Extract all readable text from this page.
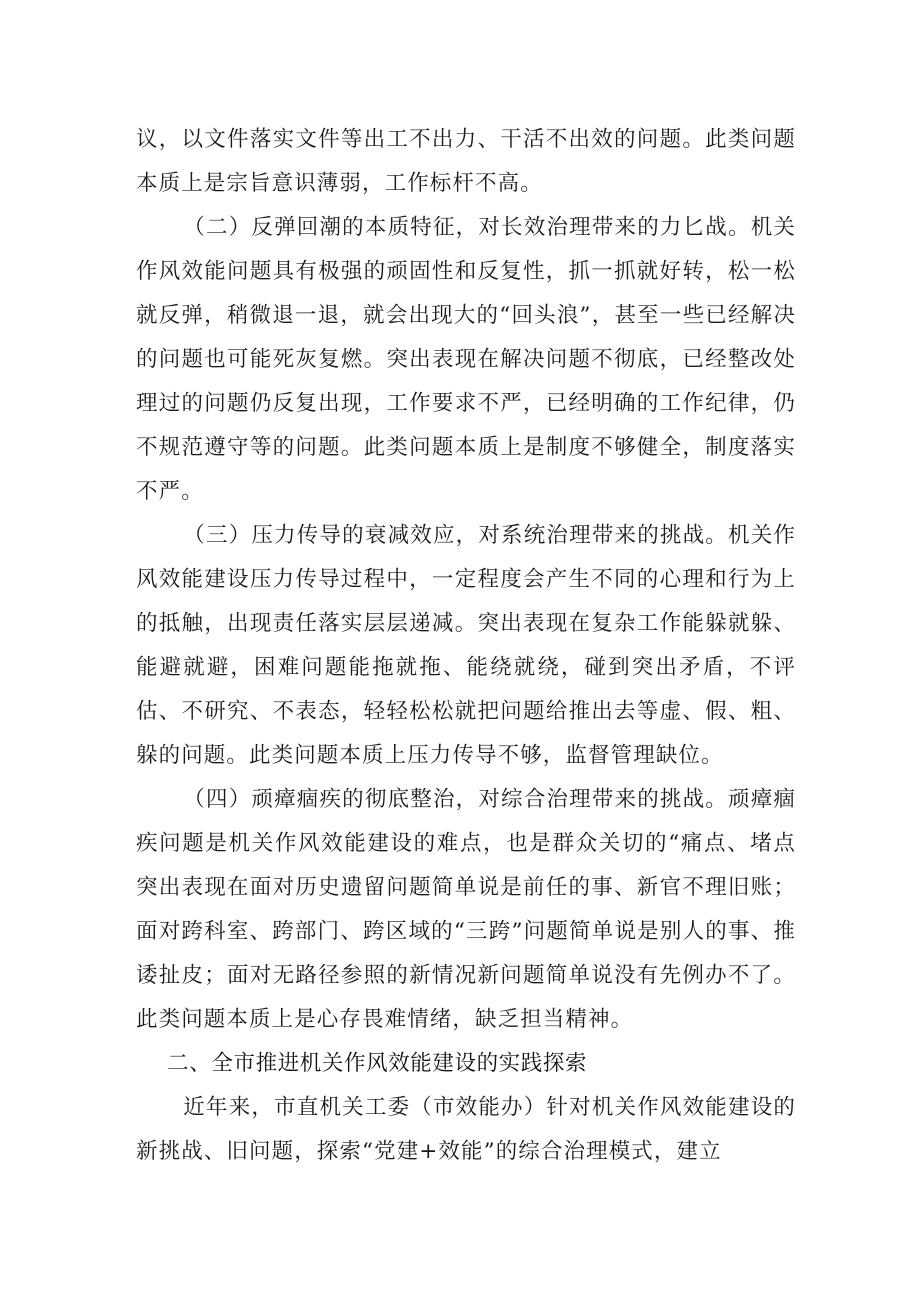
议，以文件落实文件等出工不出力、干活不出效的问题。此类问题本质上是宗旨意识薄弱，工作标杆不高。

（二）反弹回潮的本质特征，对长效治理带来的力匕战。机关作风效能问题具有极强的顽固性和反复性，抓一抓就好转，松一松就反弹，稍微退一退，就会出现大的“回头浪”，甚至一些已经解决的问题也可能死灰复燃。突出表现在解决问题不彻底，已经整改处理过的问题仍反复出现，工作要求不严，已经明确的工作纪律，仍不规范遵守等的问题。此类问题本质上是制度不够健全，制度落实不严。

（三）压力传导的衰减效应，对系统治理带来的挑战。机关作风效能建设压力传导过程中，一定程度会产生不同的心理和行为上的抵触，出现责任落实层层递减。突出表现在复杂工作能躲就躲、能避就避，困难问题能拖就拖、能绕就绕，碰到突出矛盾，不评估、不研究、不表态，轻轻松松就把问题给推出去等虚、假、粗、躲的问题。此类问题本质上压力传导不够，监督管理缺位。

（四）顽瘴痼疾的彻底整治，对综合治理带来的挑战。顽瘴痼疾问题是机关作风效能建设的难点，也是群众关切的“痛点、堵点突出表现在面对历史遗留问题简单说是前任的事、新官不理旧账；面对跨科室、跨部门、跨区域的“三跨”问题简单说是别人的事、推诿扯皮；面对无路径参照的新情况新问题简单说没有先例办不了。此类问题本质上是心存畏难情绪，缺乏担当精神。

二、全市推进机关作风效能建设的实践探索

近年来，市直机关工委（市效能办）针对机关作风效能建设的新挑战、旧问题，探索“党建+效能”的综合治理模式，建立
